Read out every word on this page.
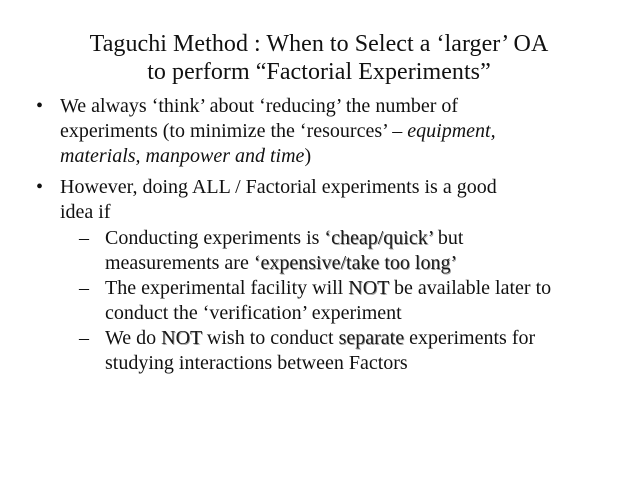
Taguchi Method : When to Select a ‘larger’ OA
to perform “Factorial Experiments”
• We always ‘think’ about ‘reducing’ the number of
experiments (to minimize the ‘resources’ – equipment,
materials, manpower and time)
• However, doing ALL / Factorial experiments is a good
idea if
– Conducting experiments is ‘cheap/quick’ but
measurements are ‘expensive/take too long’
– The experimental facility will NOT be available later to
conduct the ‘verification’ experiment
– We do NOT wish to conduct separate experiments for
studying interactions between Factors
